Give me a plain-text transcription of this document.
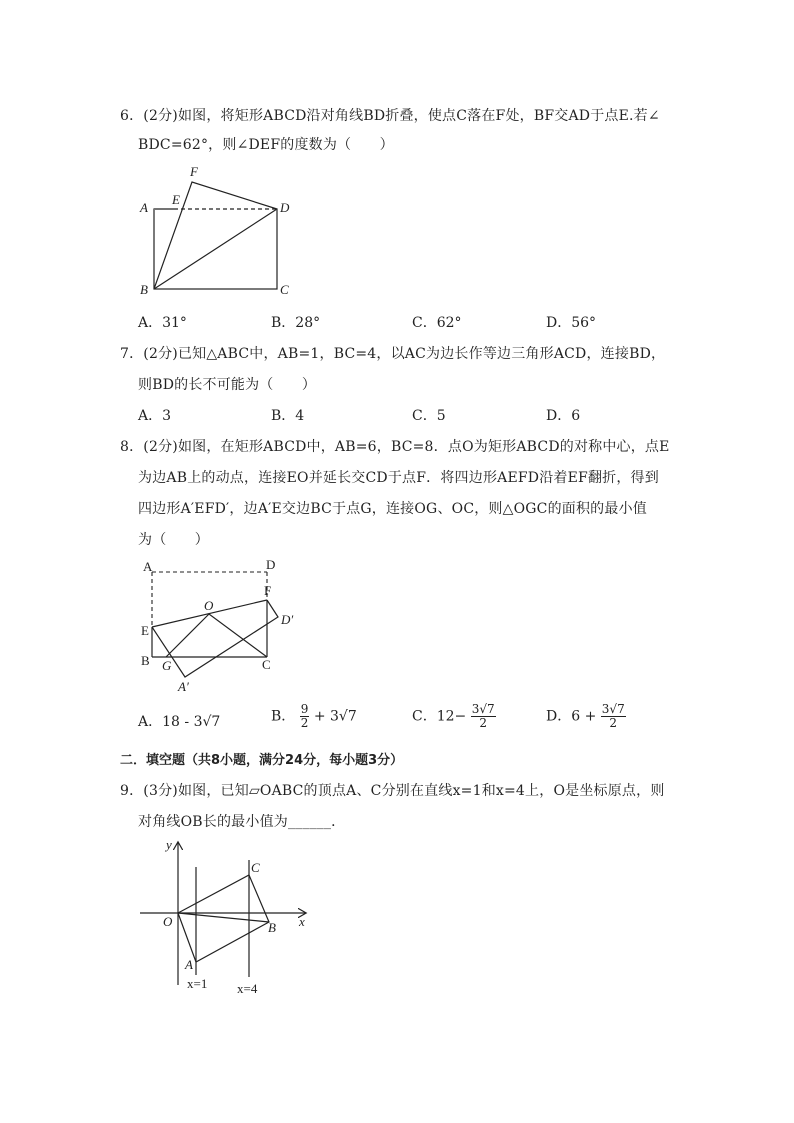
6．(2分)如图，将矩形ABCD沿对角线BD折叠，使点C落在F处，BF交AD于点E.若∠
BDC=62°，则∠DEF的度数为（　　）
F
A
E
D
B	C
A．31°	B．28°	C．62°	D．56°
7．(2分)已知△ABC中，AB=1，BC=4，以AC为边长作等边三角形ACD，连接BD，
则BD的长不可能为（　　）
A．3	B．4	C．5	D．6
8．(2分)如图，在矩形ABCD中，AB=6，BC=8．点O为矩形ABCD的对称中心，点E
为边AB上的动点，连接EO并延长交CD于点F．将四边形AEFD沿着EF翻折，得到
四边形A′EFD′，边A′E交边BC于点G，连接OG、OC，则△OGC的面积的最小值
为（　　）
A	D
F
O
D′
E
B G	C
A′
A．18 - 3√7	B． $\frac{9}{2} + 3√7$	C．$12- \frac{3√7}{2}$	D．$6 + \frac{3√7}{2}$
二．填空题（共8小题，满分24分，每小题3分）
9．(3分)如图，已知▱OABC的顶点A、C分别在直线x=1和x=4上，O是坐标原点，则
对角线OB长的最小值为______．
y
C
O	B x
A
x=1 x=4
